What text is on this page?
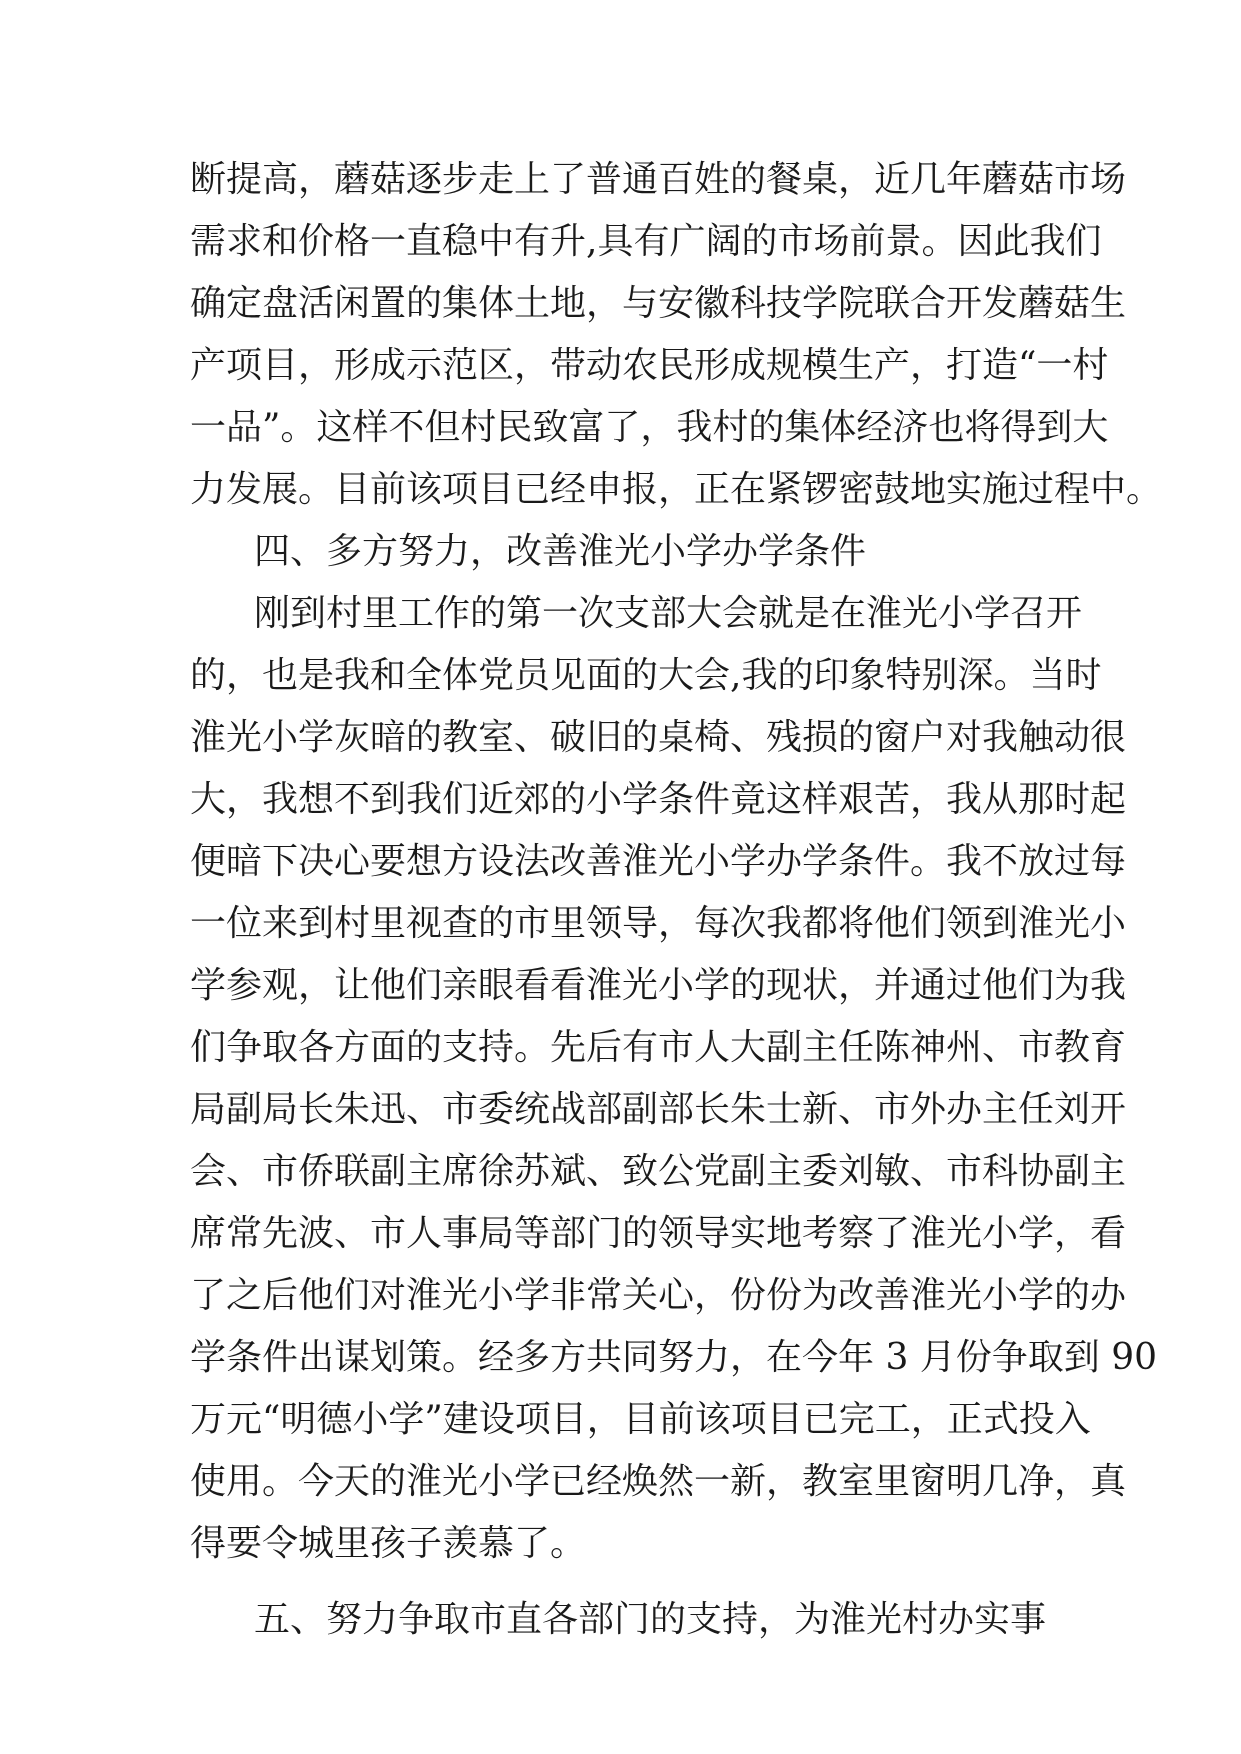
断提高，蘑菇逐步走上了普通百姓的餐桌，近几年蘑菇市场
需求和价格一直稳中有升,具有广阔的市场前景。因此我们
确定盘活闲置的集体土地，与安徽科技学院联合开发蘑菇生
产项目，形成示范区，带动农民形成规模生产，打造“一村
一品”。这样不但村民致富了，我村的集体经济也将得到大
力发展。目前该项目已经申报，正在紧锣密鼓地实施过程中。
四、多方努力，改善淮光小学办学条件
刚到村里工作的第一次支部大会就是在淮光小学召开
的，也是我和全体党员见面的大会,我的印象特别深。当时
淮光小学灰暗的教室、破旧的桌椅、残损的窗户对我触动很
大，我想不到我们近郊的小学条件竟这样艰苦，我从那时起
便暗下决心要想方设法改善淮光小学办学条件。我不放过每
一位来到村里视查的市里领导，每次我都将他们领到淮光小
学参观，让他们亲眼看看淮光小学的现状，并通过他们为我
们争取各方面的支持。先后有市人大副主任陈神州、市教育
局副局长朱迅、市委统战部副部长朱士新、市外办主任刘开
会、市侨联副主席徐苏斌、致公党副主委刘敏、市科协副主
席常先波、市人事局等部门的领导实地考察了淮光小学，看
了之后他们对淮光小学非常关心，份份为改善淮光小学的办
学条件出谋划策。经多方共同努力，在今年 3 月份争取到 90
万元“明德小学”建设项目，目前该项目已完工，正式投入
使用。今天的淮光小学已经焕然一新，教室里窗明几净，真
得要令城里孩子羡慕了。
五、努力争取市直各部门的支持，为淮光村办实事
